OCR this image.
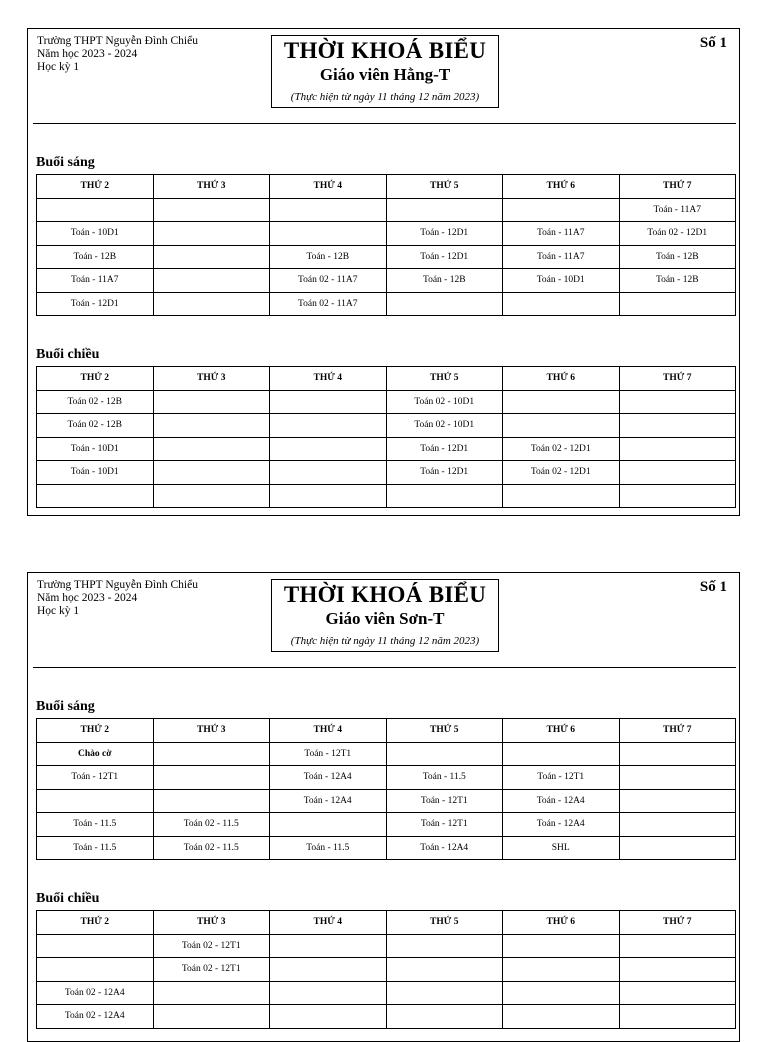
Trường THPT Nguyễn Đình Chiểu
Năm học 2023 - 2024
Học kỳ 1
THỜI KHOÁ BIỂU
Giáo viên Hằng-T
(Thực hiện từ ngày 11 tháng 12 năm 2023)
Số 1
Buổi sáng
THỨ 2	THỨ 3	THỨ 4	THỨ 5	THỨ 6	THỨ 7
					Toán - 11A7
Toán - 10D1			Toán - 12D1	Toán - 11A7	Toán 02 - 12D1
Toán - 12B		Toán - 12B	Toán - 12D1	Toán - 11A7	Toán - 12B
Toán - 11A7		Toán 02 - 11A7	Toán - 12B	Toán - 10D1	Toán - 12B
Toán - 12D1		Toán 02 - 11A7			
Buổi chiều
THỨ 2	THỨ 3	THỨ 4	THỨ 5	THỨ 6	THỨ 7
Toán 02 - 12B			Toán 02 - 10D1		
Toán 02 - 12B			Toán 02 - 10D1		
Toán - 10D1			Toán - 12D1	Toán 02 - 12D1	
Toán - 10D1			Toán - 12D1	Toán 02 - 12D1	

Trường THPT Nguyễn Đình Chiểu
Năm học 2023 - 2024
Học kỳ 1
THỜI KHOÁ BIỂU
Giáo viên Sơn-T
(Thực hiện từ ngày 11 tháng 12 năm 2023)
Số 1
Buổi sáng
THỨ 2	THỨ 3	THỨ 4	THỨ 5	THỨ 6	THỨ 7
Chào cờ		Toán - 12T1			
Toán - 12T1		Toán - 12A4	Toán - 11.5	Toán - 12T1	
		Toán - 12A4	Toán - 12T1	Toán - 12A4	
Toán - 11.5	Toán 02 - 11.5		Toán - 12T1	Toán - 12A4	
Toán - 11.5	Toán 02 - 11.5	Toán - 11.5	Toán - 12A4	SHL	
Buổi chiều
THỨ 2	THỨ 3	THỨ 4	THỨ 5	THỨ 6	THỨ 7
	Toán 02 - 12T1				
	Toán 02 - 12T1				
Toán 02 - 12A4					
Toán 02 - 12A4					
